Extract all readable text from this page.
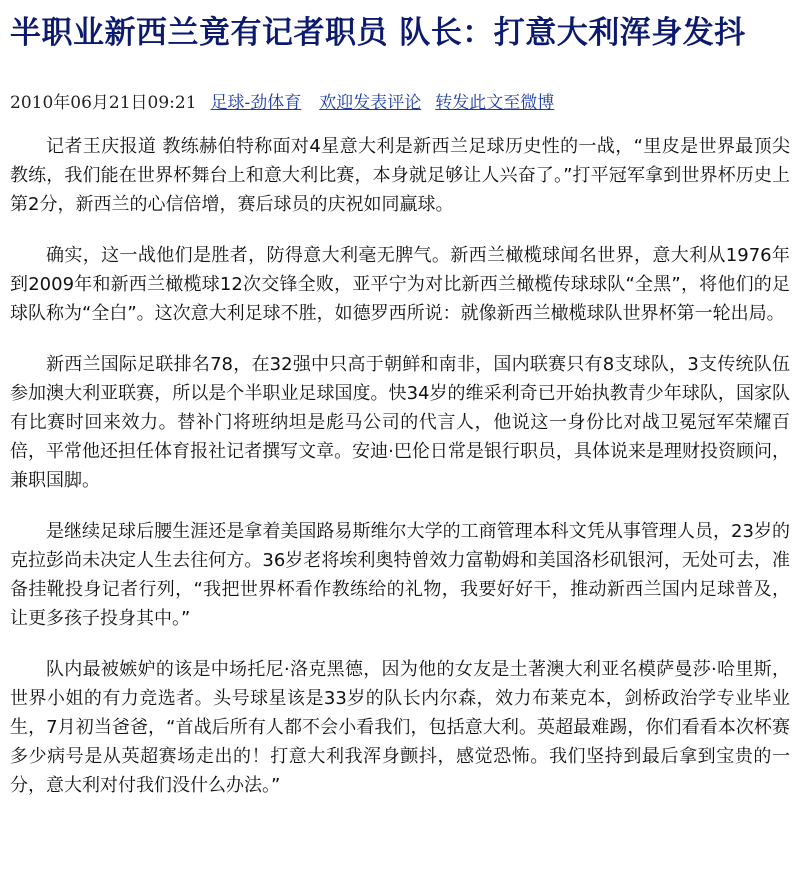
半职业新西兰竟有记者职员 队长：打意大利浑身发抖
2010年06月21日09:21 足球-劲体育 欢迎发表评论 转发此文至微博

记者王庆报道 教练赫伯特称面对4星意大利是新西兰足球历史性的一战，“里皮是世界最顶尖教练，我们能在世界杯舞台上和意大利比赛，本身就足够让人兴奋了。”打平冠军拿到世界杯历史上第2分，新西兰的心信倍增，赛后球员的庆祝如同赢球。

确实，这一战他们是胜者，防得意大利毫无脾气。新西兰橄榄球闻名世界，意大利从1976年到2009年和新西兰橄榄球12次交锋全败，亚平宁为对比新西兰橄榄传球球队“全黑”，将他们的足球队称为“全白”。这次意大利足球不胜，如德罗西所说：就像新西兰橄榄球队世界杯第一轮出局。

新西兰国际足联排名78，在32强中只高于朝鲜和南非，国内联赛只有8支球队，3支传统队伍参加澳大利亚联赛，所以是个半职业足球国度。快34岁的维采利奇已开始执教青少年球队，国家队有比赛时回来效力。替补门将班纳坦是彪马公司的代言人，他说这一身份比对战卫冕冠军荣耀百倍，平常他还担任体育报社记者撰写文章。安迪·巴伦日常是银行职员，具体说来是理财投资顾问，兼职国脚。

是继续足球后腰生涯还是拿着美国路易斯维尔大学的工商管理本科文凭从事管理人员，23岁的克拉彭尚未决定人生去往何方。36岁老将埃利奥特曾效力富勒姆和美国洛杉矶银河，无处可去，准备挂靴投身记者行列，“我把世界杯看作教练给的礼物，我要好好干，推动新西兰国内足球普及，让更多孩子投身其中。”

队内最被嫉妒的该是中场托尼·洛克黑德，因为他的女友是土著澳大利亚名模萨曼莎·哈里斯，世界小姐的有力竞选者。头号球星该是33岁的队长内尔森，效力布莱克本，剑桥政治学专业毕业生，7月初当爸爸，“首战后所有人都不会小看我们，包括意大利。英超最难踢，你们看看本次杯赛多少病号是从英超赛场走出的！打意大利我浑身颤抖，感觉恐怖。我们坚持到最后拿到宝贵的一分，意大利对付我们没什么办法。”
